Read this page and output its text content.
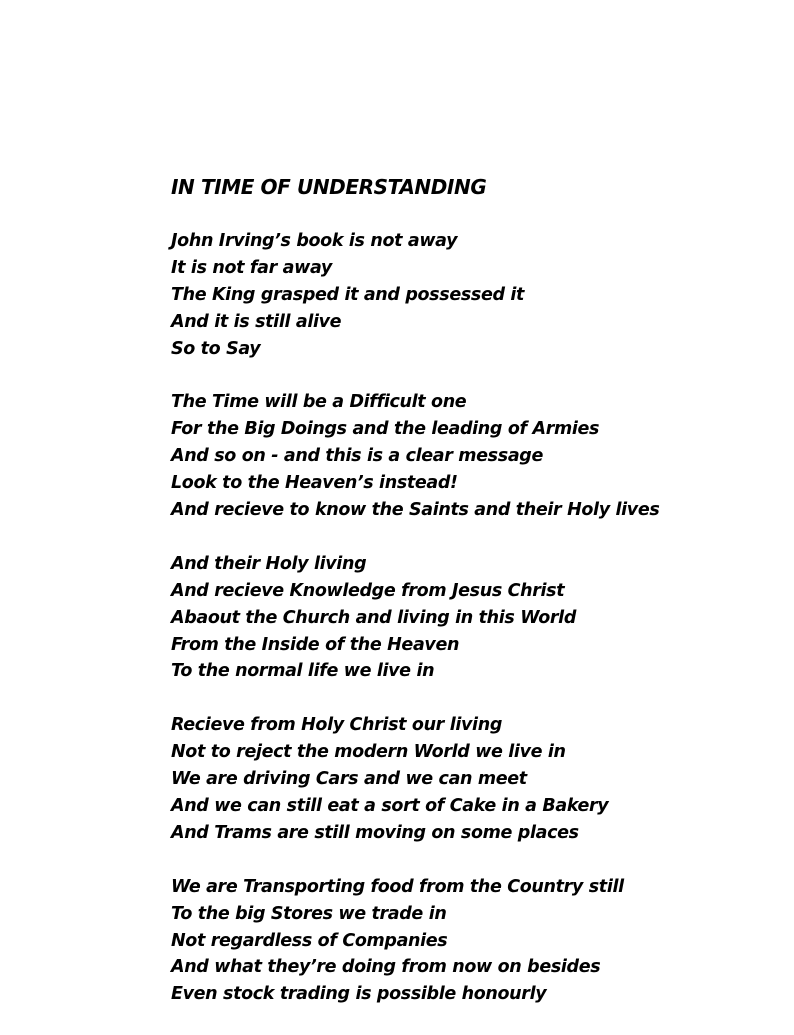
IN TIME OF UNDERSTANDING
John Irving’s book is not away
It is not far away
The King grasped it and possessed it
And it is still alive
So to Say
The Time will be a Difficult one
For the Big Doings and the leading of Armies
And so on - and this is a clear message
Look to the Heaven’s instead!
And recieve to know the Saints and their Holy lives
And their Holy living
And recieve Knowledge from Jesus Christ
Abaout the Church and living in this World
From the Inside of the Heaven
To the normal life we live in
Recieve from Holy Christ our living
Not to reject the modern World we live in
We are driving Cars and we can meet
And we can still eat a sort of Cake in a Bakery
And Trams are still moving on some places
We are Transporting food from the Country still
To the big Stores we trade in
Not regardless of Companies
And what they’re doing from now on besides
Even stock trading is possible honourly
